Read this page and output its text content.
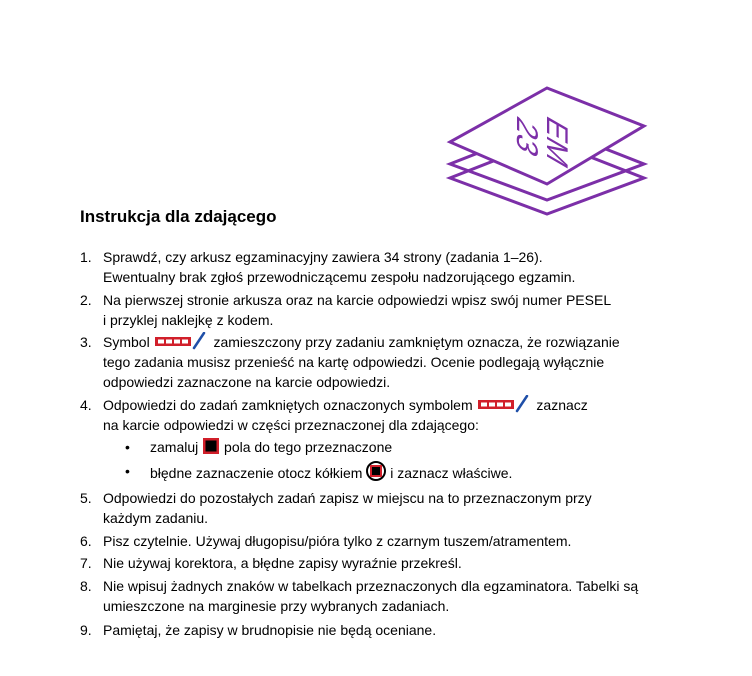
EM
23
Instrukcja dla zdającego
1. Sprawdź, czy arkusz egzaminacyjny zawiera 34 strony (zadania 1–26).
Ewentualny brak zgłoś przewodniczącemu zespołu nadzorującego egzamin.
2. Na pierwszej stronie arkusza oraz na karcie odpowiedzi wpisz swój numer PESEL
i przyklej naklejkę z kodem.
3. Symbol	zamieszczony przy zadaniu zamkniętym oznacza, że rozwiązanie
tego zadania musisz przenieść na kartę odpowiedzi. Ocenie podlegają wyłącznie
odpowiedzi zaznaczone na karcie odpowiedzi.
4. Odpowiedzi do zadań zamkniętych oznaczonych symbolem	zaznacz
na karcie odpowiedzi w części przeznaczonej dla zdającego:
• zamaluj pola do tego przeznaczone
• błędne zaznaczenie otocz kółkiem i zaznacz właściwe.
5. Odpowiedzi do pozostałych zadań zapisz w miejscu na to przeznaczonym przy
każdym zadaniu.
6. Pisz czytelnie. Używaj długopisu/pióra tylko z czarnym tuszem/atramentem.
7. Nie używaj korektora, a błędne zapisy wyraźnie przekreśl.
8. Nie wpisuj żadnych znaków w tabelkach przeznaczonych dla egzaminatora. Tabelki są
umieszczone na marginesie przy wybranych zadaniach.
9. Pamiętaj, że zapisy w brudnopisie nie będą oceniane.
